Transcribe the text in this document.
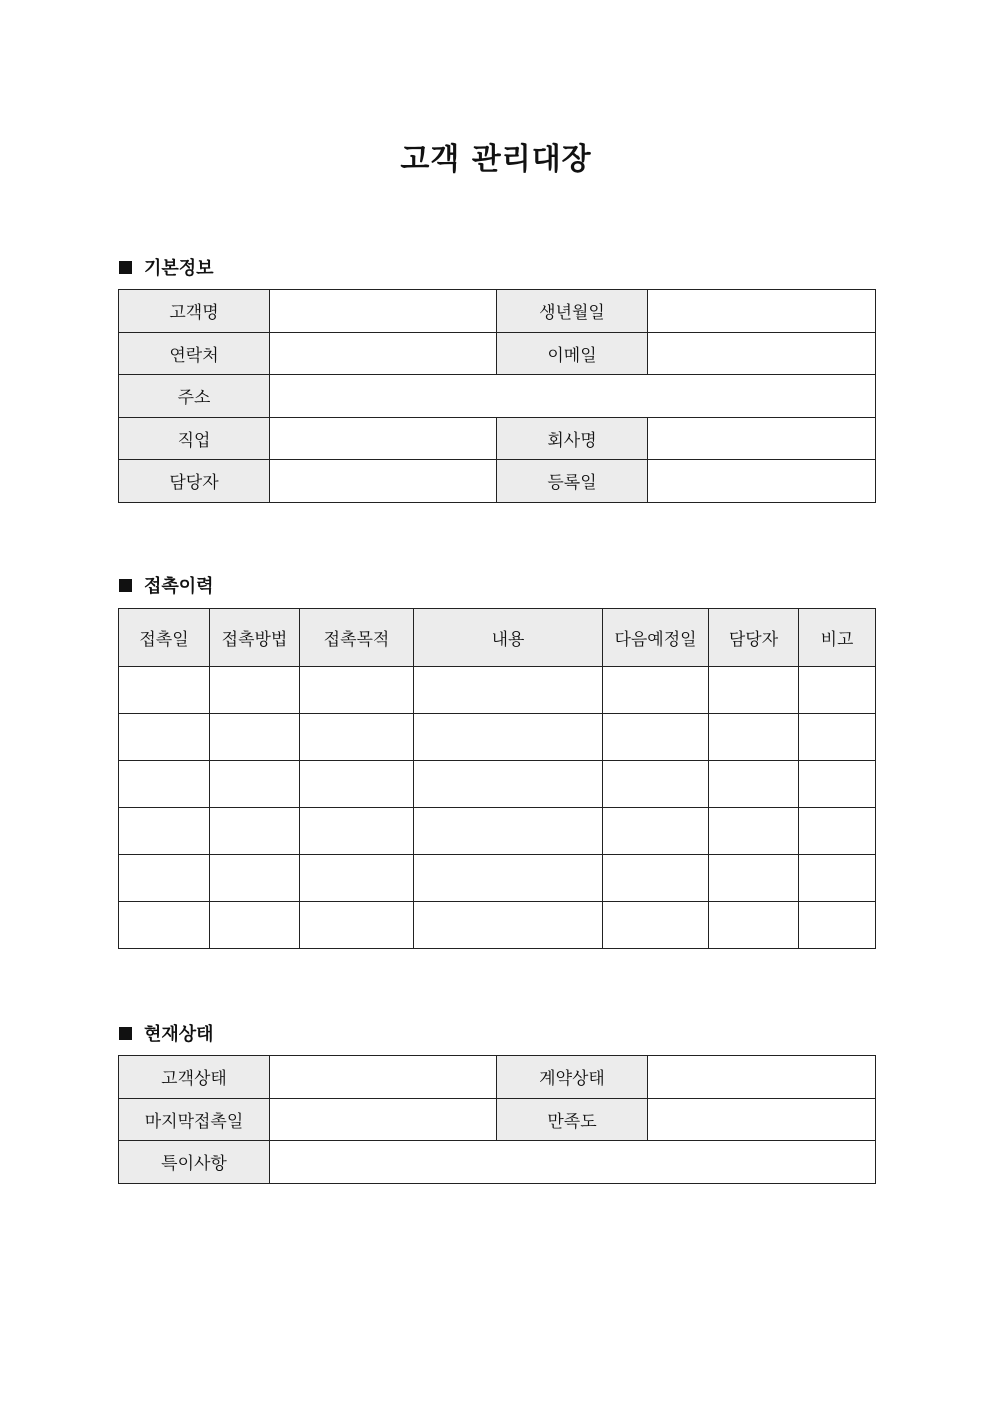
고객 관리대장
기본정보
고객명		생년월일	
연락처		이메일	
주소			
직업		회사명	
담당자		등록일	
접촉이력
접촉일	접촉방법	접촉목적	내용	다음예정일	담당자	비고

현재상태
고객상태		계약상태	
마지막접촉일		만족도	
특이사항			
